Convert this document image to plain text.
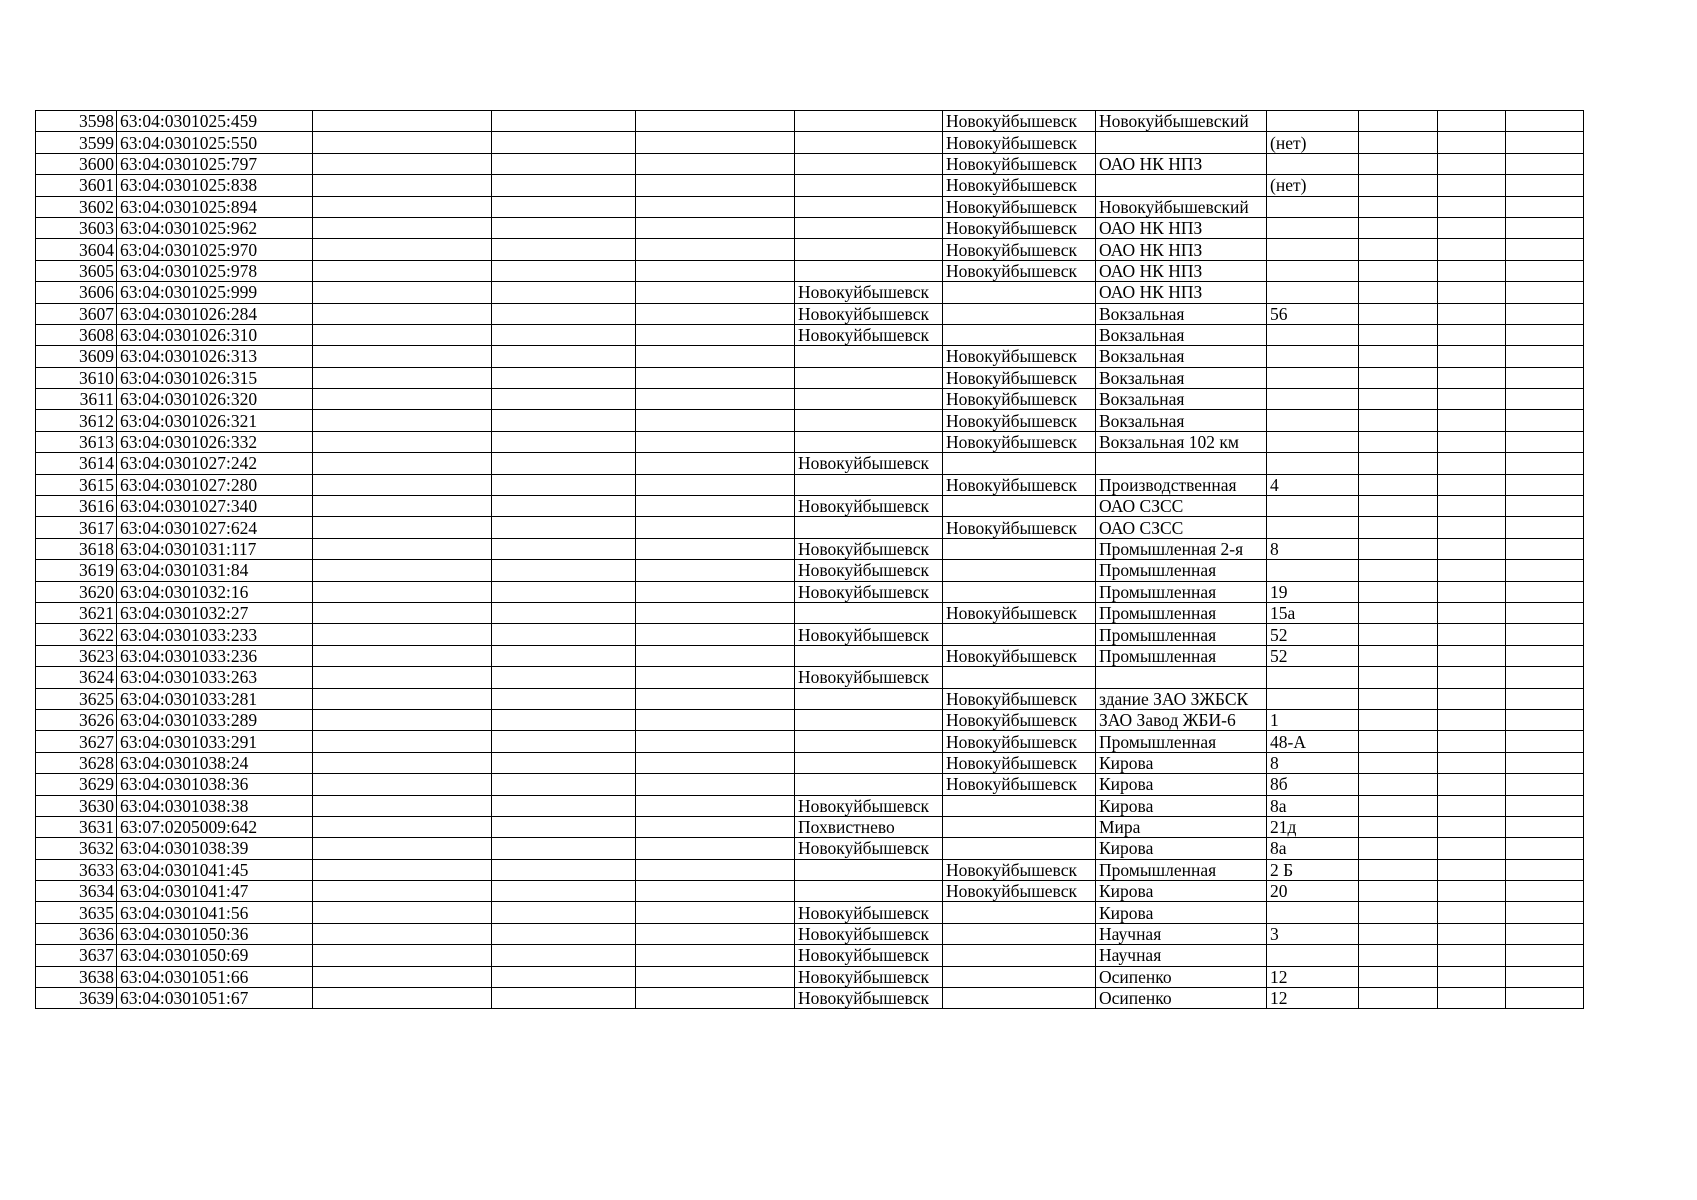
3598	63:04:0301025:459					Новокуйбышевск	Новокуйбышевский				
3599	63:04:0301025:550					Новокуйбышевск		(нет)			
3600	63:04:0301025:797					Новокуйбышевск	ОАО НК НПЗ				
3601	63:04:0301025:838					Новокуйбышевск		(нет)			
3602	63:04:0301025:894					Новокуйбышевск	Новокуйбышевский				
3603	63:04:0301025:962					Новокуйбышевск	ОАО НК НПЗ				
3604	63:04:0301025:970					Новокуйбышевск	ОАО НК НПЗ				
3605	63:04:0301025:978					Новокуйбышевск	ОАО НК НПЗ				
3606	63:04:0301025:999				Новокуйбышевск		ОАО НК НПЗ				
3607	63:04:0301026:284				Новокуйбышевск		Вокзальная	56			
3608	63:04:0301026:310				Новокуйбышевск		Вокзальная				
3609	63:04:0301026:313					Новокуйбышевск	Вокзальная				
3610	63:04:0301026:315					Новокуйбышевск	Вокзальная				
3611	63:04:0301026:320					Новокуйбышевск	Вокзальная				
3612	63:04:0301026:321					Новокуйбышевск	Вокзальная				
3613	63:04:0301026:332					Новокуйбышевск	Вокзальная 102 км				
3614	63:04:0301027:242				Новокуйбышевск						
3615	63:04:0301027:280					Новокуйбышевск	Производственная	4			
3616	63:04:0301027:340				Новокуйбышевск		ОАО СЗСС				
3617	63:04:0301027:624					Новокуйбышевск	ОАО СЗСС				
3618	63:04:0301031:117				Новокуйбышевск		Промышленная 2-я	8			
3619	63:04:0301031:84				Новокуйбышевск		Промышленная				
3620	63:04:0301032:16				Новокуйбышевск		Промышленная	19			
3621	63:04:0301032:27					Новокуйбышевск	Промышленная	15а			
3622	63:04:0301033:233				Новокуйбышевск		Промышленная	52			
3623	63:04:0301033:236					Новокуйбышевск	Промышленная	52			
3624	63:04:0301033:263				Новокуйбышевск						
3625	63:04:0301033:281					Новокуйбышевск	здание ЗАО ЗЖБСК				
3626	63:04:0301033:289					Новокуйбышевск	ЗАО Завод ЖБИ-6	1			
3627	63:04:0301033:291					Новокуйбышевск	Промышленная	48-А			
3628	63:04:0301038:24					Новокуйбышевск	Кирова	8			
3629	63:04:0301038:36					Новокуйбышевск	Кирова	8б			
3630	63:04:0301038:38				Новокуйбышевск		Кирова	8а			
3631	63:07:0205009:642				Похвистнево		Мира	21д			
3632	63:04:0301038:39				Новокуйбышевск		Кирова	8а			
3633	63:04:0301041:45					Новокуйбышевск	Промышленная	2 Б			
3634	63:04:0301041:47					Новокуйбышевск	Кирова	20			
3635	63:04:0301041:56				Новокуйбышевск		Кирова				
3636	63:04:0301050:36				Новокуйбышевск		Научная	3			
3637	63:04:0301050:69				Новокуйбышевск		Научная				
3638	63:04:0301051:66				Новокуйбышевск		Осипенко	12			
3639	63:04:0301051:67				Новокуйбышевск		Осипенко	12			
